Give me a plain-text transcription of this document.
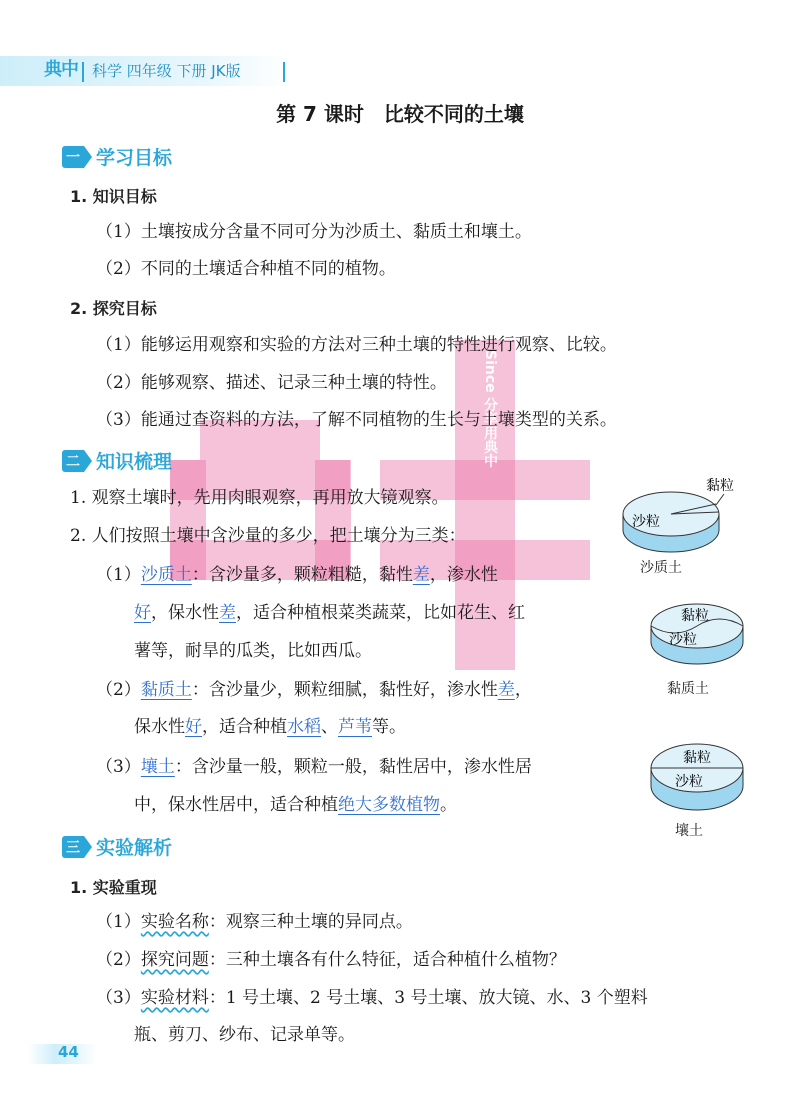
典中 科学 四年级 下册 JK版
第 7 课时　比较不同的土壤
Since 分享用典中
一 学习目标
1. 知识目标
（1）土壤按成分含量不同可分为沙质土、黏质土和壤土。
（2）不同的土壤适合种植不同的植物。
2. 探究目标
（1）能够运用观察和实验的方法对三种土壤的特性进行观察、比较。
（2）能够观察、描述、记录三种土壤的特性。
（3）能通过查资料的方法，了解不同植物的生长与土壤类型的关系。
二 知识梳理
1. 观察土壤时，先用肉眼观察，再用放大镜观察。
2. 人们按照土壤中含沙量的多少，把土壤分为三类：
（1）沙质土：含沙量多，颗粒粗糙，黏性差，渗水性
好，保水性差，适合种植根菜类蔬菜，比如花生、红
薯等，耐旱的瓜类，比如西瓜。
（2）黏质土：含沙量少，颗粒细腻，黏性好，渗水性差，
保水性好，适合种植水稻、芦苇等。
（3）壤土：含沙量一般，颗粒一般，黏性居中，渗水性居
中，保水性居中，适合种植绝大多数植物。
沙粒
黏粒
沙质土
黏粒
沙粒
黏质土
黏粒
沙粒
壤土
三 实验解析
1. 实验重现
（1）实验名称：观察三种土壤的异同点。
（2）探究问题：三种土壤各有什么特征，适合种植什么植物？
（3）实验材料：1 号土壤、2 号土壤、3 号土壤、放大镜、水、3 个塑料
瓶、剪刀、纱布、记录单等。
44
